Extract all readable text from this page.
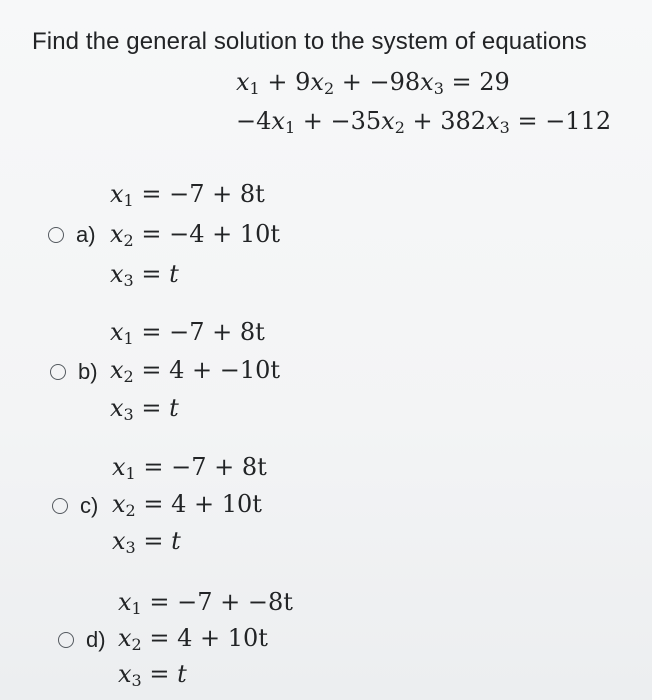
Find the general solution to the system of equations
$x_1 + 9x_2 + -98x_3 = 29$
$-4x_1 + -35x_2 + 382x_3 = -112$
$x_1 = -7 + 8t$
a) $x_2 = -4 + 10t$
$x_3 = t$
$x_1 = -7 + 8t$
b) $x_2 = 4 + -10t$
$x_3 = t$
$x_1 = -7 + 8t$
c) $x_2 = 4 + 10t$
$x_3 = t$
$x_1 = -7 + -8t$
d) $x_2 = 4 + 10t$
$x_3 = t$
